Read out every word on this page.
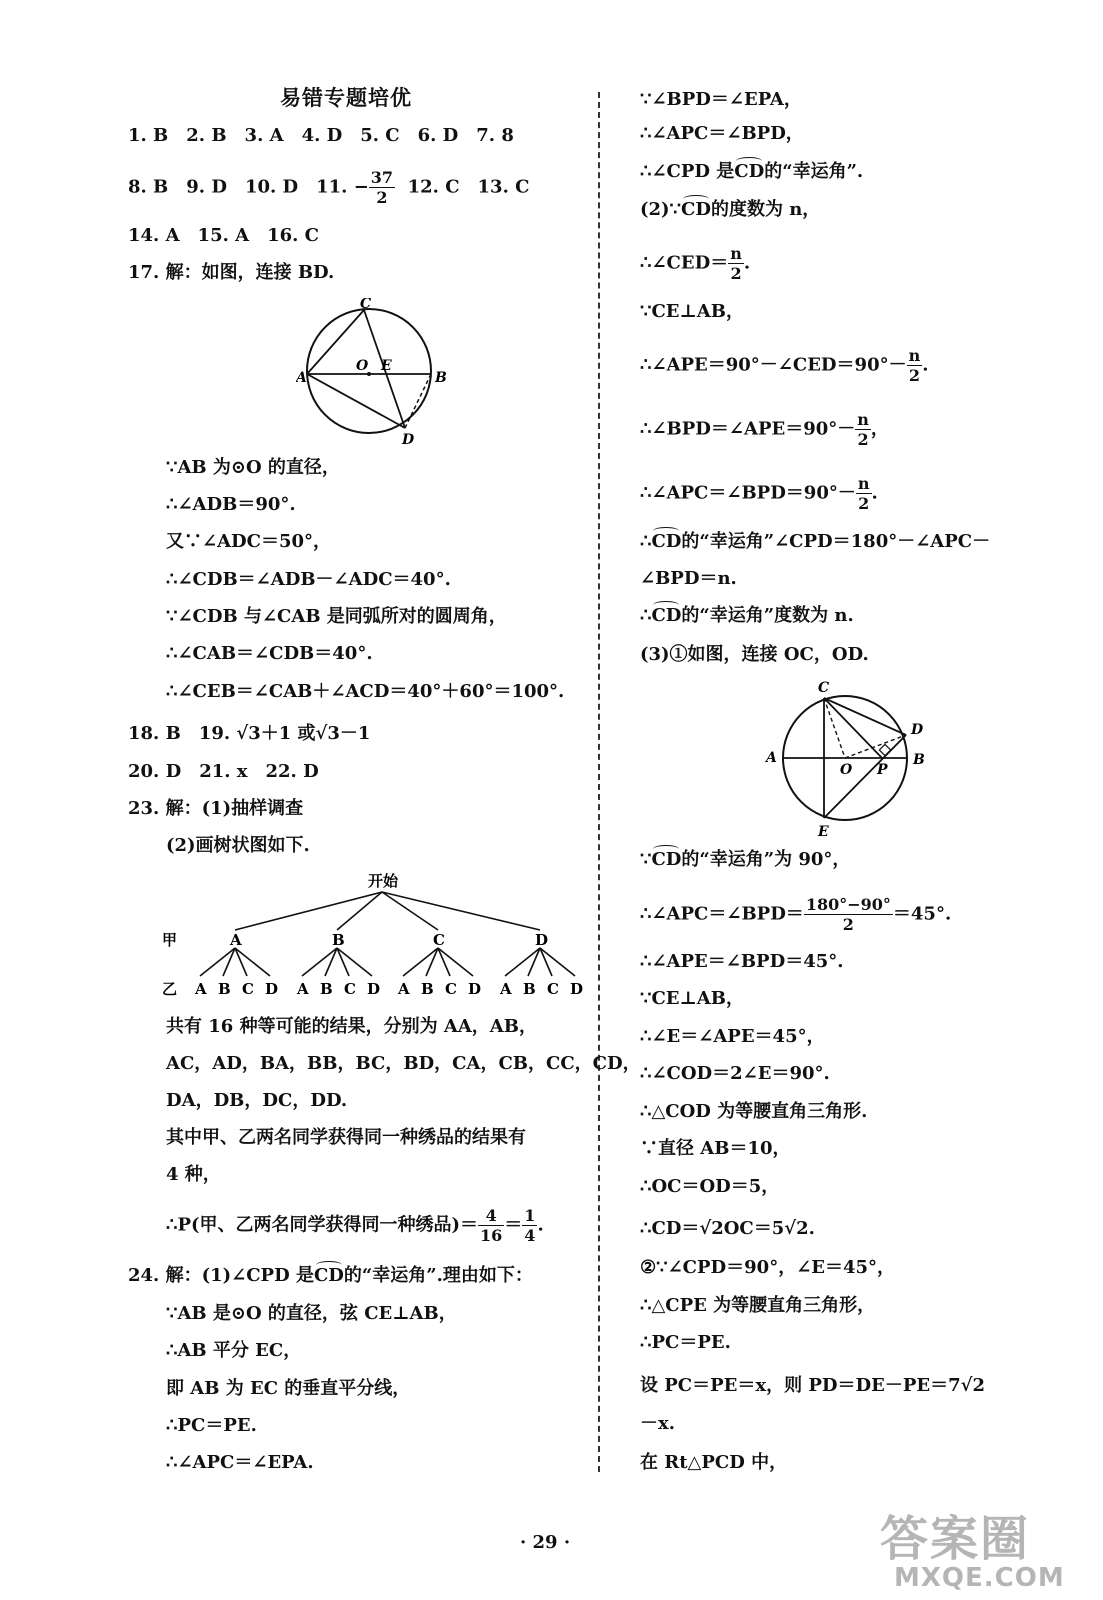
易错专题培优
1. B　2. B　3. A　4. D　5. C　6. D　7. 8
8. B　9. D　10. D　11. − $\frac{37}{2} 12$. C　13. C
14. A　15. A　16. C
17. 解：如图，连接 BD.
C
O E
A	B
D
∵AB 为⊙O 的直径，
∴∠ADB＝90°.
又∵∠ADC＝50°，
∴∠CDB＝∠ADB－∠ADC＝40°.
∵∠CDB 与∠CAB 是同弧所对的圆周角，
∴∠CAB＝∠CDB＝40°.
∴∠CEB＝∠CAB＋∠ACD＝40°＋60°＝100°.
18. B　19. √3＋1 或√3－1
20. D　21. x　22. D
23. 解：(1)抽样调查
(2)画树状图如下.
开始
甲
乙
A	B	C	D
A B C D A B C D A B C D A B C D
共有 16 种等可能的结果，分别为 AA，AB，
AC，AD，BA，BB，BC，BD，CA，CB，CC，CD，
DA，DB，DC，DD.
其中甲、乙两名同学获得同一种绣品的结果有
4 种，
∴P(甲、乙两名同学获得同一种绣品)＝ $\frac{4}{16} = \frac{1}{4}$ .
24. 解：(1)∠CPD 是CD的“幸运角”.理由如下：
∵AB 是⊙O 的直径，弦 CE⊥AB，
∴AB 平分 EC，
即 AB 为 EC 的垂直平分线，
∴PC＝PE.
∴∠APC＝∠EPA.
∵∠BPD＝∠EPA，
∴∠APC＝∠BPD，
∴∠CPD 是CD的“幸运角”.
(2)∵CD的度数为 n，
∴∠CED＝ $\frac{n}{2}$ .
∵CE⊥AB，
∴∠APE＝90°－∠CED＝90°－ $\frac{n}{2}$ .
∴∠BPD＝∠APE＝90°－ $\frac{n}{2}$ ，
∴∠APC＝∠BPD＝90°－ $\frac{n}{2}$ .
∴CD的“幸运角”∠CPD＝180°－∠APC－
∠BPD＝n.
∴CD的“幸运角”度数为 n.
(3)①如图，连接 OC，OD.
C
D
A
O P
B
E
∵CD的“幸运角”为 90°，
∴∠APC＝∠BPD＝ $\frac{180^\circ-90^\circ}{2} =45^\circ$.
∴∠APE＝∠BPD＝45°.
∵CE⊥AB，
∴∠E＝∠APE＝45°，
∴∠COD＝2∠E＝90°.
∴△COD 为等腰直角三角形.
∵直径 AB＝10，
∴OC＝OD＝5，
∴CD＝√2OC＝5√2.
②∵∠CPD＝90°，∠E＝45°，
∴△CPE 为等腰直角三角形，
∴PC＝PE.
设 PC＝PE＝x，则 PD＝DE－PE＝7√2
－x.
在 Rt△PCD 中，
· 29 ·	答案圈
MXQE.COM
